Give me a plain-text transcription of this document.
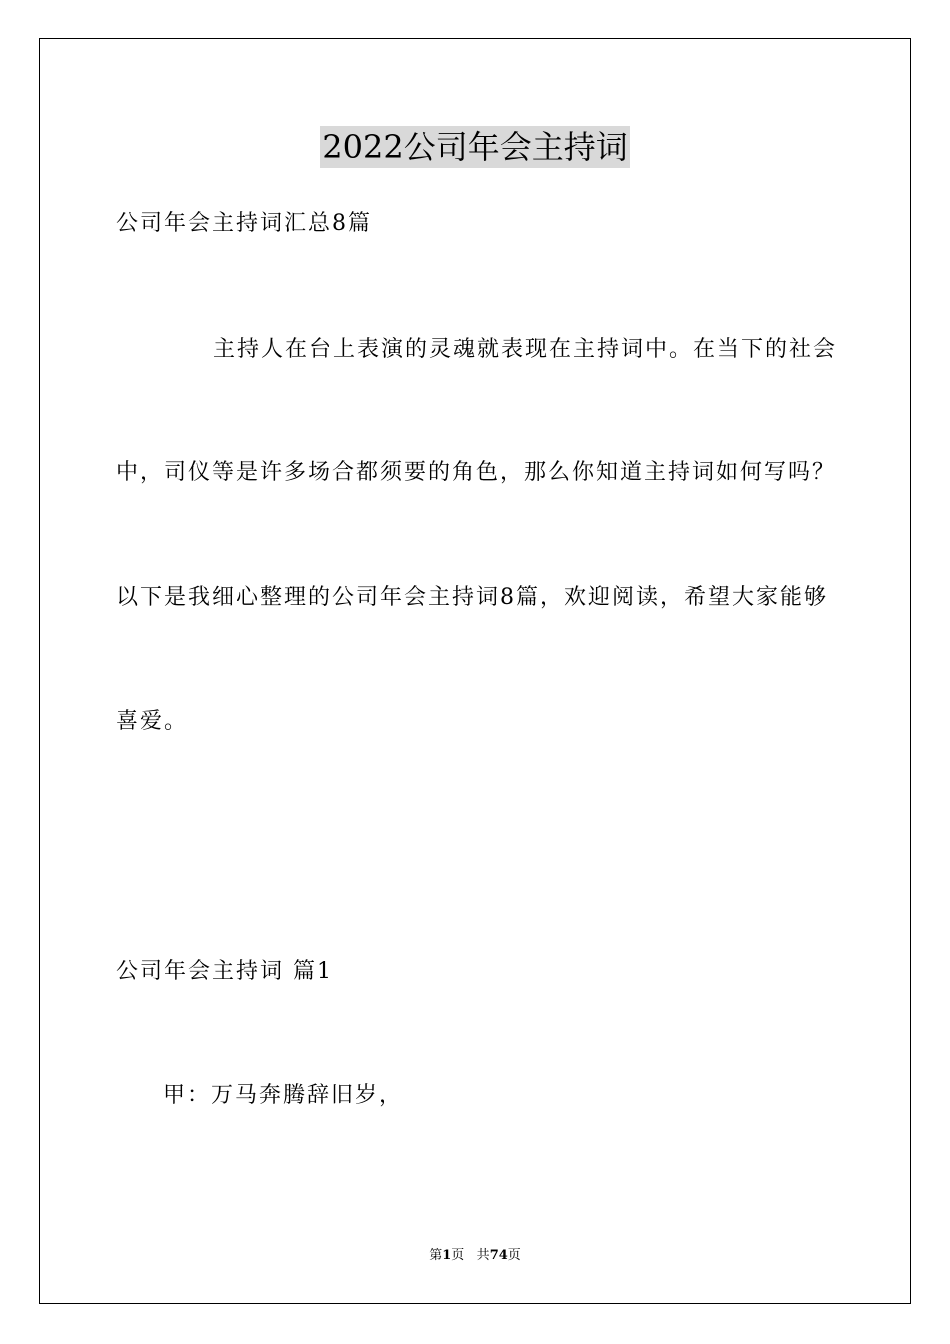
2022公司年会主持词
公司年会主持词汇总8篇
主持人在台上表演的灵魂就表现在主持词中。在当下的社会
中，司仪等是许多场合都须要的角色，那么你知道主持词如何写吗？
以下是我细心整理的公司年会主持词8篇，欢迎阅读，希望大家能够
喜爱。
公司年会主持词 篇1
甲：万马奔腾辞旧岁，
第1页 共74页
